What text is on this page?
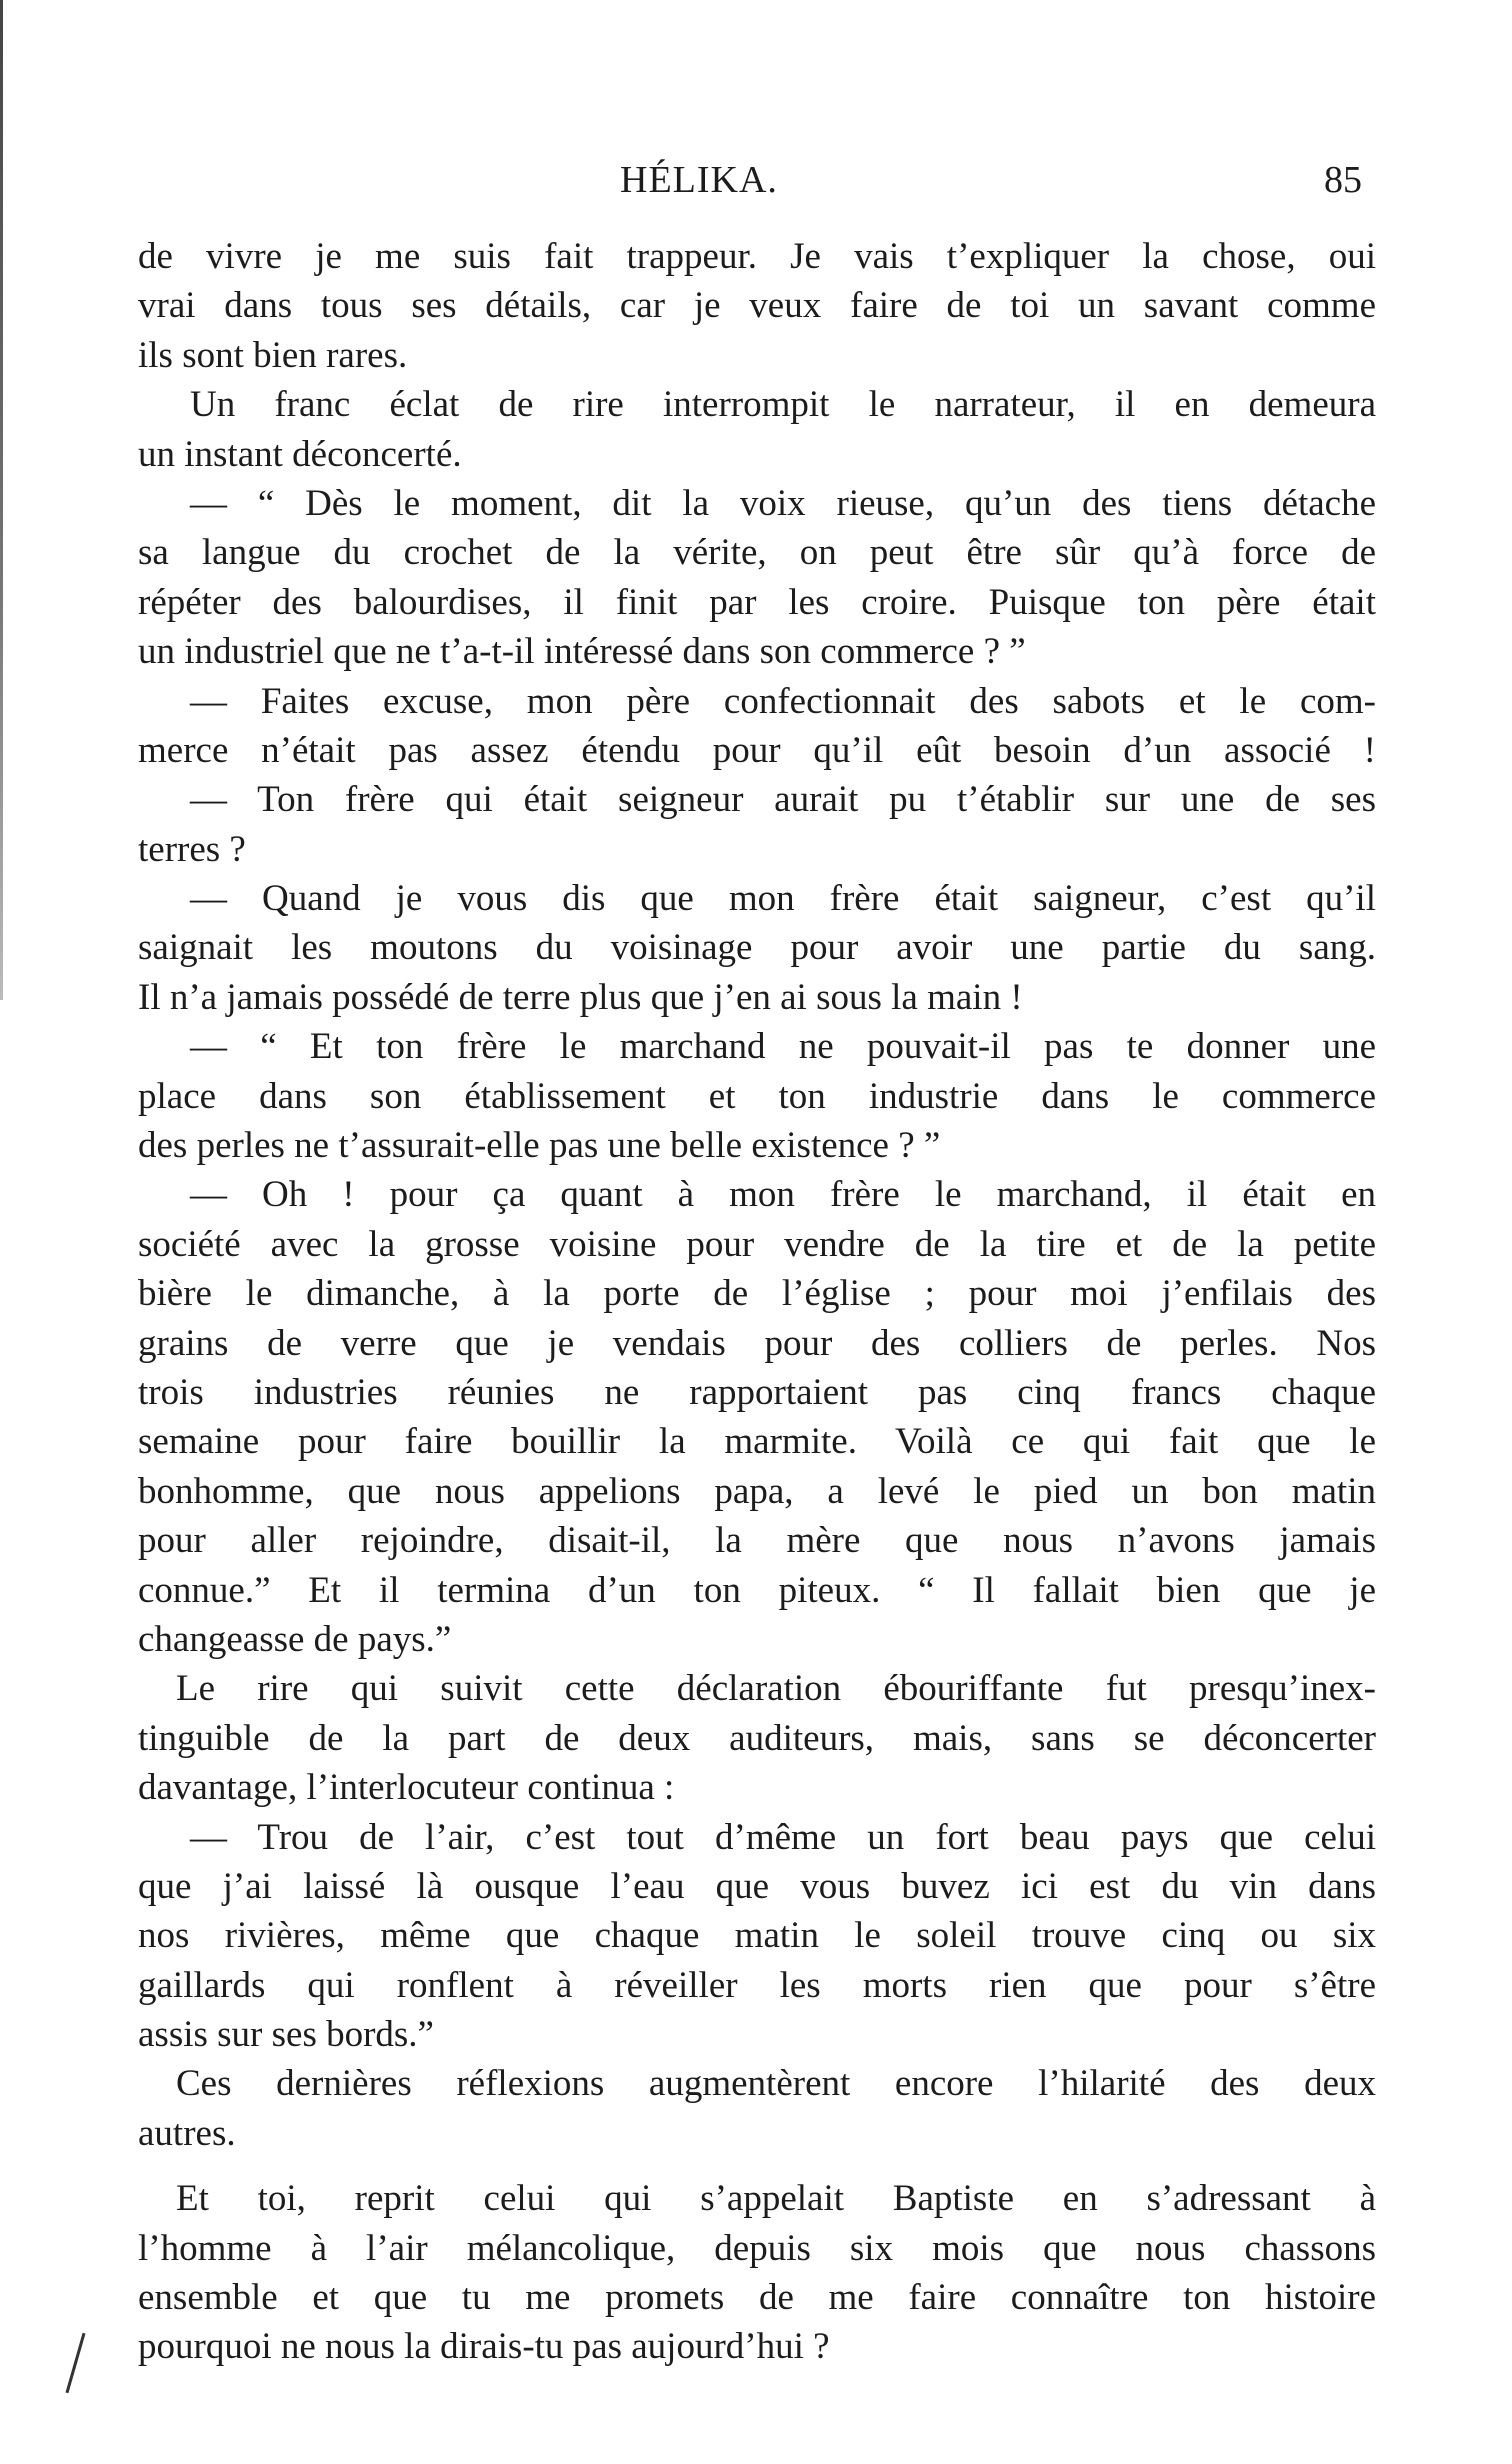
HÉLIKA.	85
de vivre je me suis fait trappeur. Je vais t’expliquer la chose, oui
vrai dans tous ses détails, car je veux faire de toi un savant comme
ils sont bien rares.
Un franc éclat de rire interrompit le narrateur, il en demeura
un instant déconcerté.
— “ Dès le moment, dit la voix rieuse, qu’un des tiens détache
sa langue du crochet de la vérite, on peut être sûr qu’à force de
répéter des balourdises, il finit par les croire. Puisque ton père était
un industriel que ne t’a-t-il intéressé dans son commerce ? ”
— Faites excuse, mon père confectionnait des sabots et le com-
merce n’était pas assez étendu pour qu’il eût besoin d’un associé !
— Ton frère qui était seigneur aurait pu t’établir sur une de ses
terres ?
— Quand je vous dis que mon frère était saigneur, c’est qu’il
saignait les moutons du voisinage pour avoir une partie du sang.
Il n’a jamais possédé de terre plus que j’en ai sous la main !
— “ Et ton frère le marchand ne pouvait-il pas te donner une
place dans son établissement et ton industrie dans le commerce
des perles ne t’assurait-elle pas une belle existence ? ”
— Oh ! pour ça quant à mon frère le marchand, il était en
société avec la grosse voisine pour vendre de la tire et de la petite
bière le dimanche, à la porte de l’église ; pour moi j’enfilais des
grains de verre que je vendais pour des colliers de perles. Nos
trois industries réunies ne rapportaient pas cinq francs chaque
semaine pour faire bouillir la marmite. Voilà ce qui fait que le
bonhomme, que nous appelions papa, a levé le pied un bon matin
pour aller rejoindre, disait-il, la mère que nous n’avons jamais
connue.” Et il termina d’un ton piteux. “ Il fallait bien que je
changeasse de pays.”
Le rire qui suivit cette déclaration ébouriffante fut presqu’inex-
tinguible de la part de deux auditeurs, mais, sans se déconcerter
davantage, l’interlocuteur continua :
— Trou de l’air, c’est tout d’même un fort beau pays que celui
que j’ai laissé là ousque l’eau que vous buvez ici est du vin dans
nos rivières, même que chaque matin le soleil trouve cinq ou six
gaillards qui ronflent à réveiller les morts rien que pour s’être
assis sur ses bords.”
Ces dernières réflexions augmentèrent encore l’hilarité des deux
autres.
Et toi, reprit celui qui s’appelait Baptiste en s’adressant à
l’homme à l’air mélancolique, depuis six mois que nous chassons
ensemble et que tu me promets de me faire connaître ton histoire
pourquoi ne nous la dirais-tu pas aujourd’hui ?
